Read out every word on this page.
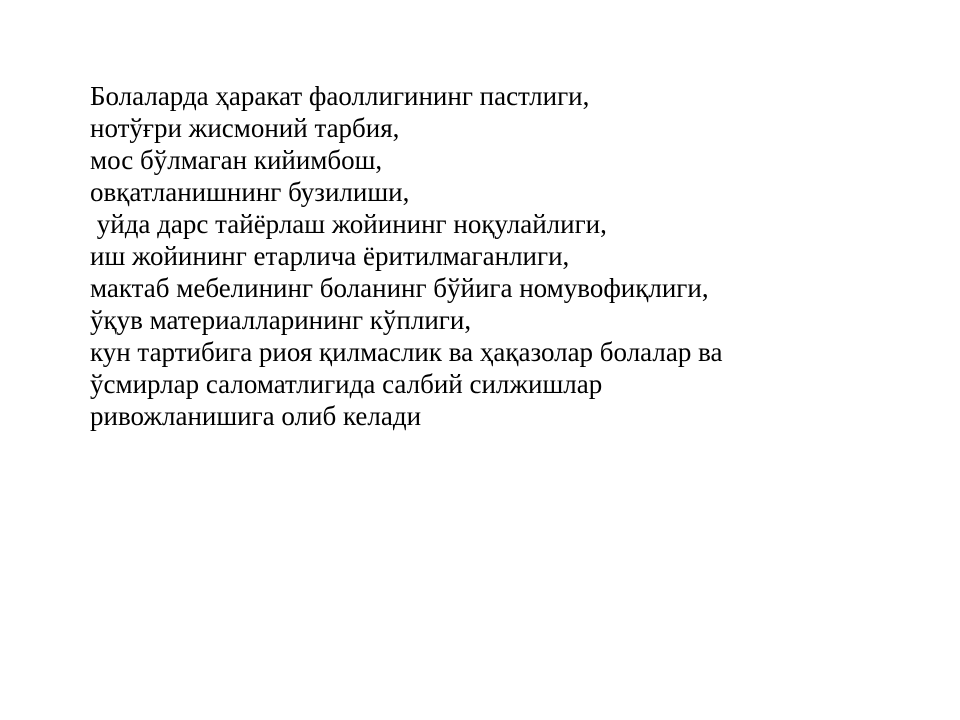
Болаларда ҳаракат фаоллигининг пастлиги,
нотўғри жисмоний тарбия,
мос бўлмаган кийимбош,
овқатланишнинг бузилиши,
уйда дарс тайёрлаш жойининг ноқулайлиги,
иш жойининг етарлича ёритилмаганлиги,
мактаб мебелининг боланинг бўйига номувофиқлиги,
ўқув материалларининг кўплиги,
кун тартибига риоя қилмаслик ва ҳақазолар болалар ва
ўсмирлар саломатлигида салбий силжишлар
ривожланишига олиб келади
